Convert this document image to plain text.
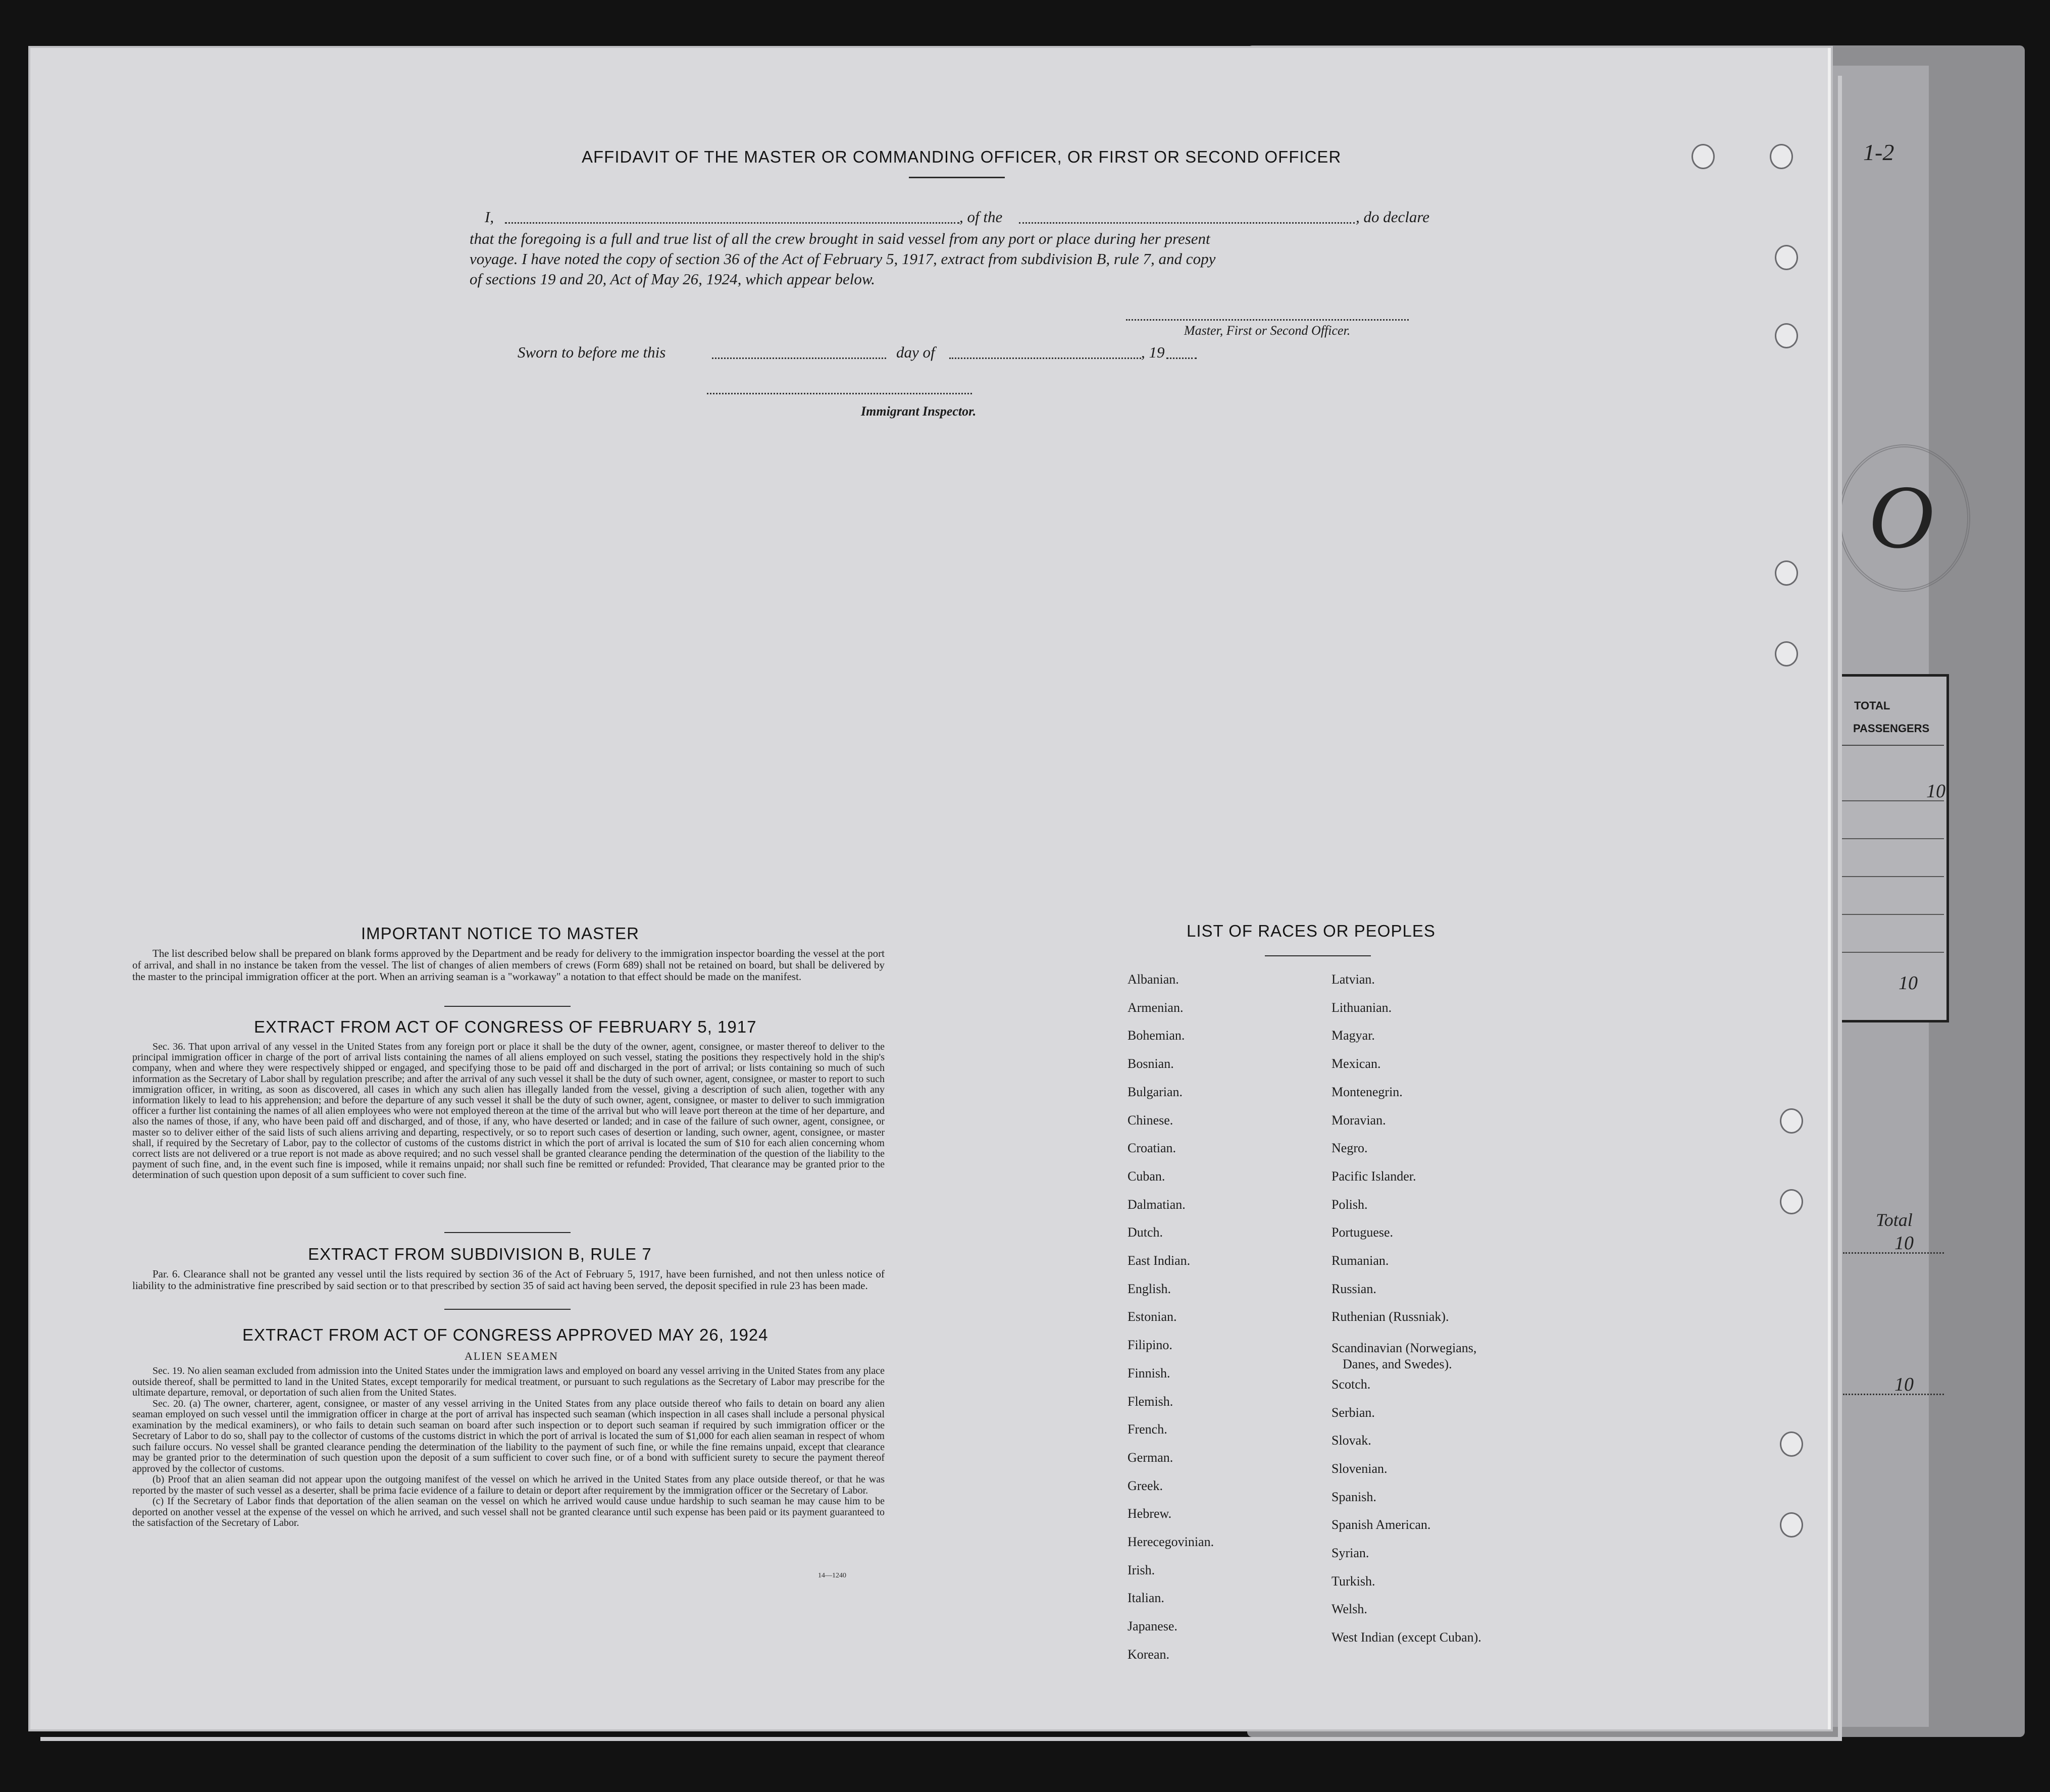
1-2
TOTAL
PASSENGERS
10
10
Total
10
10
O
AFFIDAVIT OF THE MASTER OR COMMANDING OFFICER, OR FIRST OR SECOND OFFICER
I,	, of the	, do declare
that the foregoing is a full and true list of all the crew brought in said vessel from any port or place during her present
voyage. I have noted the copy of section 36 of the Act of February 5, 1917, extract from subdivision B, rule 7, and copy
of sections 19 and 20, Act of May 26, 1924, which appear below.
Master, First or Second Officer.
Sworn to before me this	day of	, 19
Immigrant Inspector.
IMPORTANT NOTICE TO MASTER

The list described below shall be prepared on blank forms approved by the Department and be ready for delivery to the immigration inspector boarding the vessel at the port of arrival, and shall in no instance be taken from the vessel. The list of changes of alien members of crews (Form 689) shall not be retained on board, but shall be delivered by the master to the principal immigration officer at the port. When an arriving seaman is a "workaway" a notation to that effect should be made on the manifest.

EXTRACT FROM ACT OF CONGRESS OF FEBRUARY 5, 1917

Sec. 36. That upon arrival of any vessel in the United States from any foreign port or place it shall be the duty of the owner, agent, consignee, or master thereof to deliver to the principal immigration officer in charge of the port of arrival lists containing the names of all aliens employed on such vessel, stating the positions they respectively hold in the ship's company, when and where they were respectively shipped or engaged, and specifying those to be paid off and discharged in the port of arrival; or lists containing so much of such information as the Secretary of Labor shall by regulation prescribe; and after the arrival of any such vessel it shall be the duty of such owner, agent, consignee, or master to report to such immigration officer, in writing, as soon as discovered, all cases in which any such alien has illegally landed from the vessel, giving a description of such alien, together with any information likely to lead to his apprehension; and before the departure of any such vessel it shall be the duty of such owner, agent, consignee, or master to deliver to such immigration officer a further list containing the names of all alien employees who were not employed thereon at the time of the arrival but who will leave port thereon at the time of her departure, and also the names of those, if any, who have been paid off and discharged, and of those, if any, who have deserted or landed; and in case of the failure of such owner, agent, consignee, or master so to deliver either of the said lists of such aliens arriving and departing, respectively, or so to report such cases of desertion or landing, such owner, agent, consignee, or master shall, if required by the Secretary of Labor, pay to the collector of customs of the customs district in which the port of arrival is located the sum of $10 for each alien concerning whom correct lists are not delivered or a true report is not made as above required; and no such vessel shall be granted clearance pending the determination of the question of the liability to the payment of such fine, and, in the event such fine is imposed, while it remains unpaid; nor shall such fine be remitted or refunded: Provided, That clearance may be granted prior to the determination of such question upon deposit of a sum sufficient to cover such fine.

EXTRACT FROM SUBDIVISION B, RULE 7

Par. 6. Clearance shall not be granted any vessel until the lists required by section 36 of the Act of February 5, 1917, have been furnished, and not then unless notice of liability to the administrative fine prescribed by said section or to that prescribed by section 35 of said act having been served, the deposit specified in rule 23 has been made.

EXTRACT FROM ACT OF CONGRESS APPROVED MAY 26, 1924
ALIEN SEAMEN

Sec. 19. No alien seaman excluded from admission into the United States under the immigration laws and employed on board any vessel arriving in the United States from any place outside thereof, shall be permitted to land in the United States, except temporarily for medical treatment, or pursuant to such regulations as the Secretary of Labor may prescribe for the ultimate departure, removal, or deportation of such alien from the United States.

Sec. 20. (a) The owner, charterer, agent, consignee, or master of any vessel arriving in the United States from any place outside thereof who fails to detain on board any alien seaman employed on such vessel until the immigration officer in charge at the port of arrival has inspected such seaman (which inspection in all cases shall include a personal physical examination by the medical examiners), or who fails to detain such seaman on board after such inspection or to deport such seaman if required by such immigration officer or the Secretary of Labor to do so, shall pay to the collector of customs of the customs district in which the port of arrival is located the sum of $1,000 for each alien seaman in respect of whom such failure occurs. No vessel shall be granted clearance pending the determination of the liability to the payment of such fine, or while the fine remains unpaid, except that clearance may be granted prior to the determination of such question upon the deposit of a sum sufficient to cover such fine, or of a bond with sufficient surety to secure the payment thereof approved by the collector of customs.

(b) Proof that an alien seaman did not appear upon the outgoing manifest of the vessel on which he arrived in the United States from any place outside thereof, or that he was reported by the master of such vessel as a deserter, shall be prima facie evidence of a failure to detain or deport after requirement by the immigration officer or the Secretary of Labor.

(c) If the Secretary of Labor finds that deportation of the alien seaman on the vessel on which he arrived would cause undue hardship to such seaman he may cause him to be deported on another vessel at the expense of the vessel on which he arrived, and such vessel shall not be granted clearance until such expense has been paid or its payment guaranteed to the satisfaction of the Secretary of Labor.

14—1240
LIST OF RACES OR PEOPLES
Albanian.
Armenian.
Bohemian.
Bosnian.
Bulgarian.
Chinese.
Croatian.
Cuban.
Dalmatian.
Dutch.
East Indian.
English.
Estonian.
Filipino.
Finnish.
Flemish.
French.
German.
Greek.
Hebrew.
Herecegovinian.
Irish.
Italian.
Japanese.
Korean.
Latvian.
Lithuanian.
Magyar.
Mexican.
Montenegrin.
Moravian.
Negro.
Pacific Islander.
Polish.
Portuguese.
Rumanian.
Russian.
Ruthenian (Russniak).
Scandinavian (Norwegians,
Danes, and Swedes).
Scotch.
Serbian.
Slovak.
Slovenian.
Spanish.
Spanish American.
Syrian.
Turkish.
Welsh.
West Indian (except Cuban).
